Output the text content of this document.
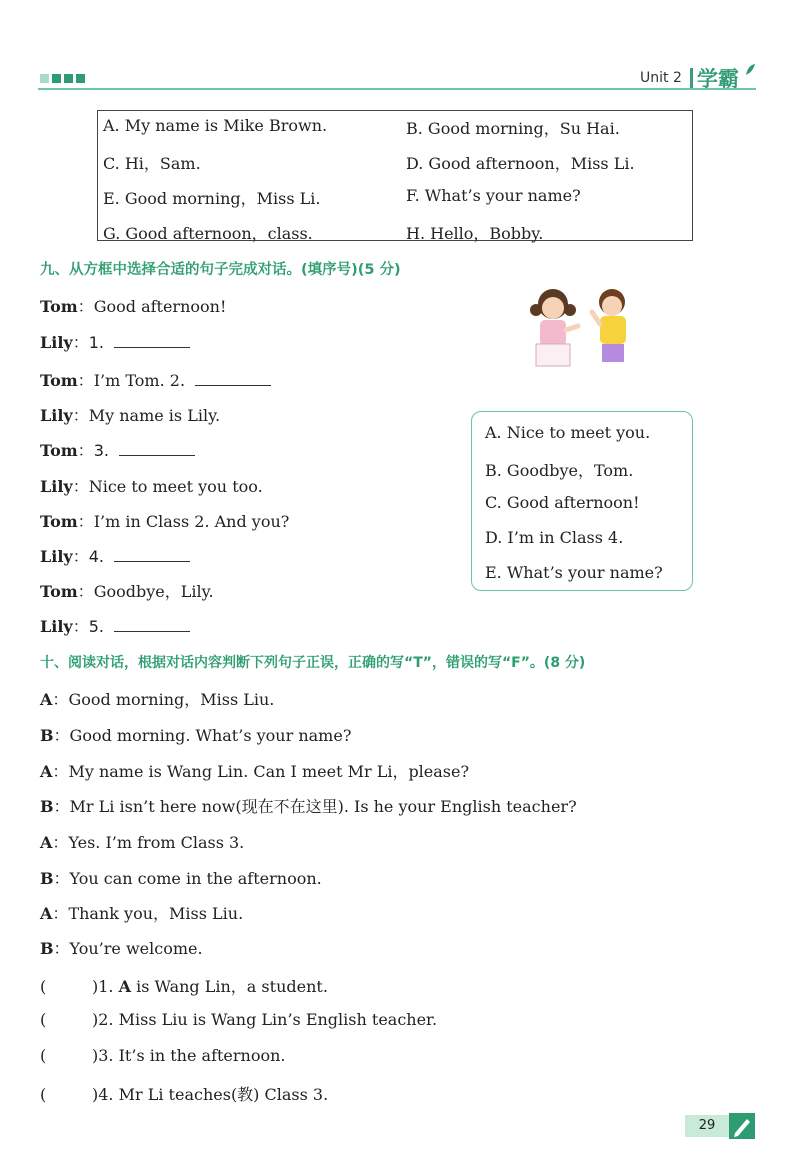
Unit 2 学霸
A. My name is Mike Brown.	B. Good morning，Su Hai.
C. Hi，Sam.	D. Good afternoon，Miss Li.
E. Good morning，Miss Li.	F. What’s your name?
G. Good afternoon，class.	H. Hello，Bobby.
九、从方框中选择合适的句子完成对话。(填序号)(5 分)
Tom：Good afternoon!
Lily：1.
Tom：I’m Tom. 2.
Lily：My name is Lily.
Tom：3.
Lily：Nice to meet you too.
Tom：I’m in Class 2. And you?
Lily：4.
Tom：Goodbye，Lily.
Lily：5.
A. Nice to meet you.
B. Goodbye，Tom.
C. Good afternoon!
D. I’m in Class 4.
E. What’s your name?
十、阅读对话，根据对话内容判断下列句子正误，正确的写“T”，错误的写“F”。(8 分)
A：Good morning，Miss Liu.
B：Good morning. What’s your name?
A：My name is Wang Lin. Can I meet Mr Li，please?
B：Mr Li isn’t here now(现在不在这里). Is he your English teacher?
A：Yes. I’m from Class 3.
B：You can come in the afternoon.
A：Thank you，Miss Liu.
B：You’re welcome.
(	)1. A is Wang Lin，a student.
(	)2. Miss Liu is Wang Lin’s English teacher.
(	)3. It’s in the afternoon.
(	)4. Mr Li teaches(教) Class 3.
29
